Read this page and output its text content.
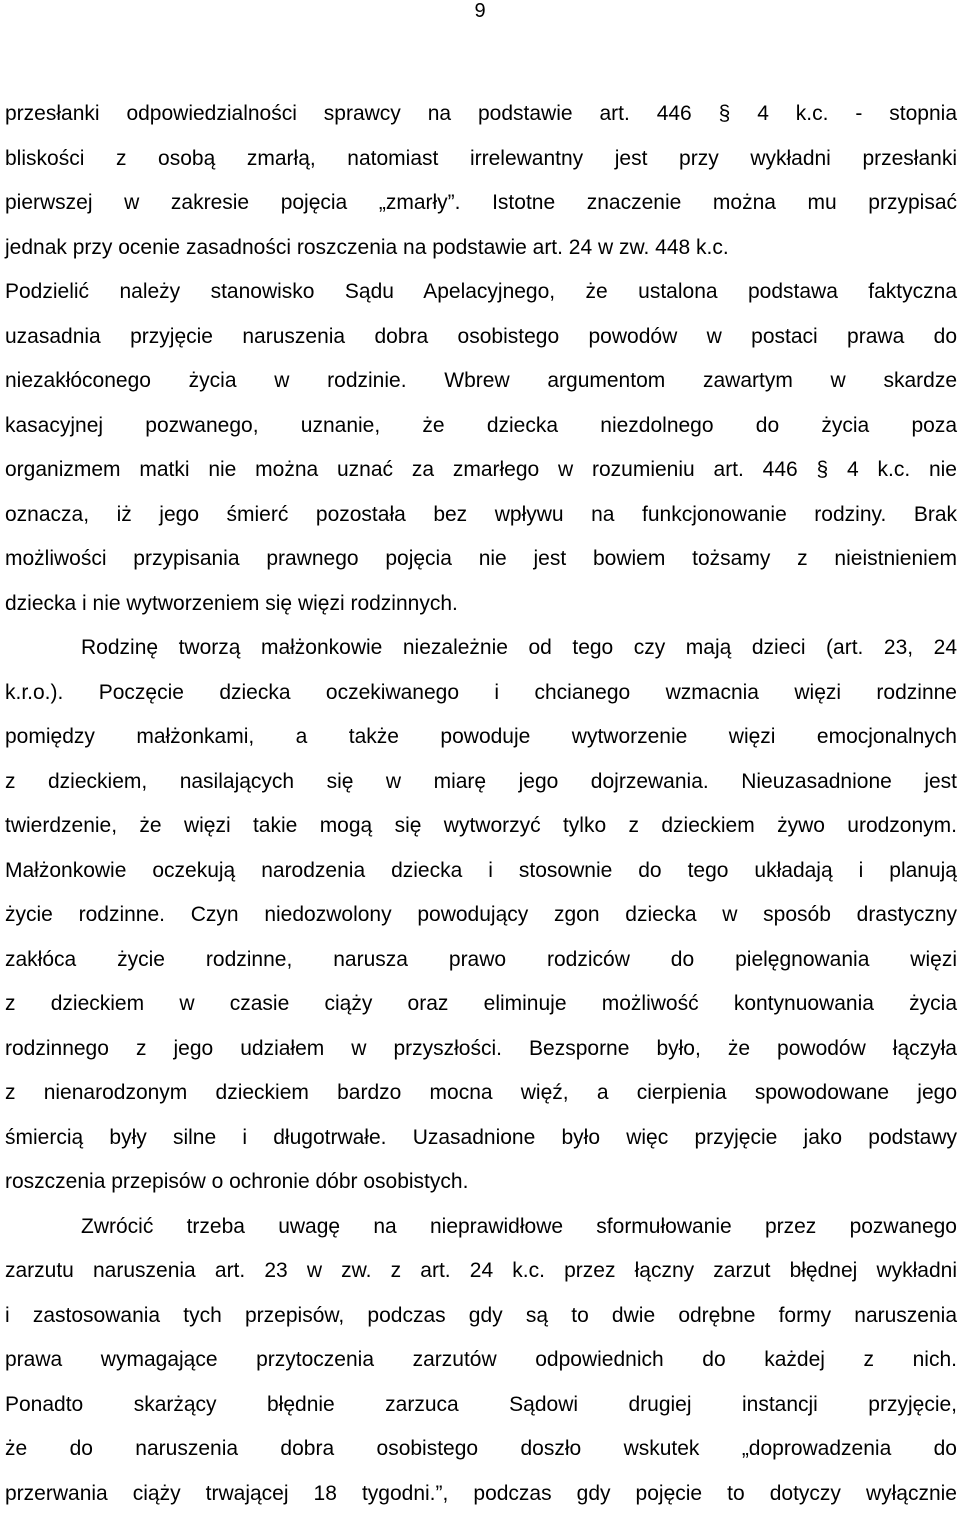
9
przesłanki odpowiedzialności sprawcy na podstawie art. 446 § 4 k.c. - stopnia
bliskości z osobą zmarłą, natomiast irrelewantny jest przy wykładni przesłanki
pierwszej w zakresie pojęcia „zmarły”. Istotne znaczenie można mu przypisać
jednak przy ocenie zasadności roszczenia na podstawie art. 24 w zw. 448 k.c.
Podzielić należy stanowisko Sądu Apelacyjnego, że ustalona podstawa faktyczna
uzasadnia przyjęcie naruszenia dobra osobistego powodów w postaci prawa do
niezakłóconego życia w rodzinie. Wbrew argumentom zawartym w skardze
kasacyjnej pozwanego, uznanie, że dziecka niezdolnego do życia poza
organizmem matki nie można uznać za zmarłego w rozumieniu art. 446 § 4 k.c. nie
oznacza, iż jego śmierć pozostała bez wpływu na funkcjonowanie rodziny. Brak
możliwości przypisania prawnego pojęcia nie jest bowiem tożsamy z nieistnieniem
dziecka i nie wytworzeniem się więzi rodzinnych.
Rodzinę tworzą małżonkowie niezależnie od tego czy mają dzieci (art. 23, 24
k.r.o.). Poczęcie dziecka oczekiwanego i chcianego wzmacnia więzi rodzinne
pomiędzy małżonkami, a także powoduje wytworzenie więzi emocjonalnych
z dzieckiem, nasilających się w miarę jego dojrzewania. Nieuzasadnione jest
twierdzenie, że więzi takie mogą się wytworzyć tylko z dzieckiem żywo urodzonym.
Małżonkowie oczekują narodzenia dziecka i stosownie do tego układają i planują
życie rodzinne. Czyn niedozwolony powodujący zgon dziecka w sposób drastyczny
zakłóca życie rodzinne, narusza prawo rodziców do pielęgnowania więzi
z dzieckiem w czasie ciąży oraz eliminuje możliwość kontynuowania życia
rodzinnego z jego udziałem w przyszłości. Bezsporne było, że powodów łączyła
z nienarodzonym dzieckiem bardzo mocna więź, a cierpienia spowodowane jego
śmiercią były silne i długotrwałe. Uzasadnione było więc przyjęcie jako podstawy
roszczenia przepisów o ochronie dóbr osobistych.
Zwrócić trzeba uwagę na nieprawidłowe sformułowanie przez pozwanego
zarzutu naruszenia art. 23 w zw. z art. 24 k.c. przez łączny zarzut błędnej wykładni
i zastosowania tych przepisów, podczas gdy są to dwie odrębne formy naruszenia
prawa wymagające przytoczenia zarzutów odpowiednich do każdej z nich.
Ponadto skarżący błędnie zarzuca Sądowi drugiej instancji przyjęcie,
że do naruszenia dobra osobistego doszło wskutek „doprowadzenia do
przerwania ciąży trwającej 18 tygodni.”, podczas gdy pojęcie to dotyczy wyłącznie
